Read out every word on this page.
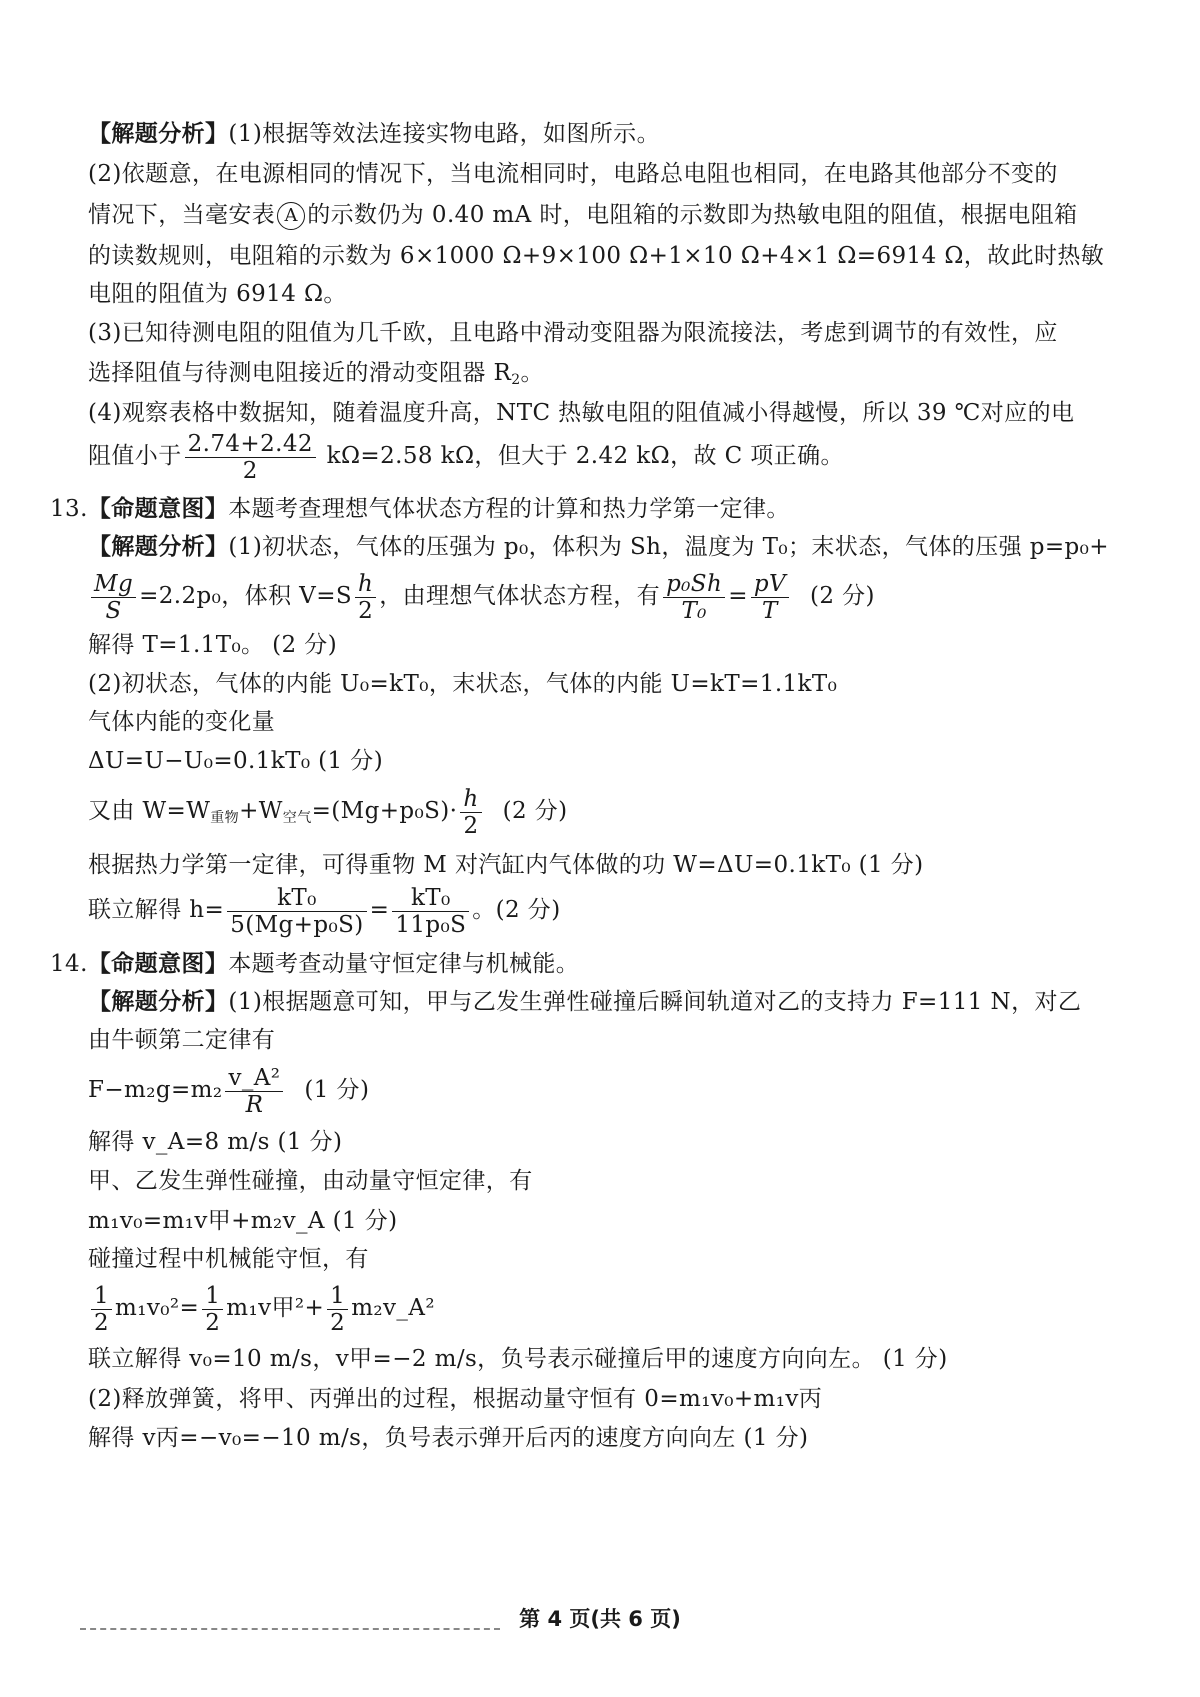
【解题分析】(1)根据等效法连接实物电路，如图所示。
(2)依题意，在电源相同的情况下，当电流相同时，电路总电阻也相同，在电路其他部分不变的
情况下，当毫安表 A 的示数仍为 0.40 mA 时，电阻箱的示数即为热敏电阻的阻值，根据电阻箱
的读数规则，电阻箱的示数为 6×1000 Ω+9×100 Ω+1×10 Ω+4×1 Ω=6914 Ω，故此时热敏
电阻的阻值为 6914 Ω。
(3)已知待测电阻的阻值为几千欧，且电路中滑动变阻器为限流接法，考虑到调节的有效性，应
选择阻值与待测电阻接近的滑动变阻器 $R_2$。
(4)观察表格中数据知，随着温度升高，NTC 热敏电阻的阻值减小得越慢，所以 39 ℃对应的电
阻值小于 $\frac{2.74+2.42}{2} k\Omega=2.58$ kΩ，但大于 2.42 kΩ，故 C 项正确。
13.【命题意图】本题考查理想气体状态方程的计算和热力学第一定律。
【解题分析】(1)初状态，气体的压强为 p₀，体积为 Sh，温度为 T₀；末状态，气体的压强 p=p₀+
$\frac{Mg}{S} =2.2p_0$，体积 $V=S \frac{h}{2}$ ，由理想气体状态方程，有 $\frac{\text{p₀Sh}}{\text{T₀}} = \frac{pV}{T} (2$ 分)
解得 T=1.1T₀。 (2 分)
(2)初状态，气体的内能 U₀=kT₀，末状态，气体的内能 U=kT=1.1kT₀
气体内能的变化量
ΔU=U−U₀=0.1kT₀ (1 分)
又由 $W=W_{重物}+W_{空气}=(Mg+p_0S)\cdot \frac{h}{2} (2$ 分)
根据热力学第一定律，可得重物 M 对汽缸内气体做的功 W=ΔU=0.1kT₀ (1 分)
联立解得 $h= \frac{\text{kT₀}}{\text{5(Mg+p₀S)}} = \frac{\text{kT₀}}{\text{11p₀S}}$ 。(2 分)
14.【命题意图】本题考查动量守恒定律与机械能。
【解题分析】(1)根据题意可知，甲与乙发生弹性碰撞后瞬间轨道对乙的支持力 F=111 N，对乙
由牛顿第二定律有
$F-m_2g=m_2 \frac{\text{v\_A²}}{R} (1$ 分)
解得 v_A=8 m/s (1 分)
甲、乙发生弹性碰撞，由动量守恒定律，有
m₁v₀=m₁v甲+m₂v_A (1 分)
碰撞过程中机械能守恒，有
$\frac{1}{2} m_1v_0^2= \frac{1}{2} m_1v$甲$^2+ \frac{1}{2}$ m₂v_A²
联立解得 v₀=10 m/s，v甲=−2 m/s，负号表示碰撞后甲的速度方向向左。 (1 分)
(2)释放弹簧，将甲、丙弹出的过程，根据动量守恒有 0=m₁v₀+m₁v丙
解得 v丙=−v₀=−10 m/s，负号表示弹开后丙的速度方向向左 (1 分)
第 4 页(共 6 页)
